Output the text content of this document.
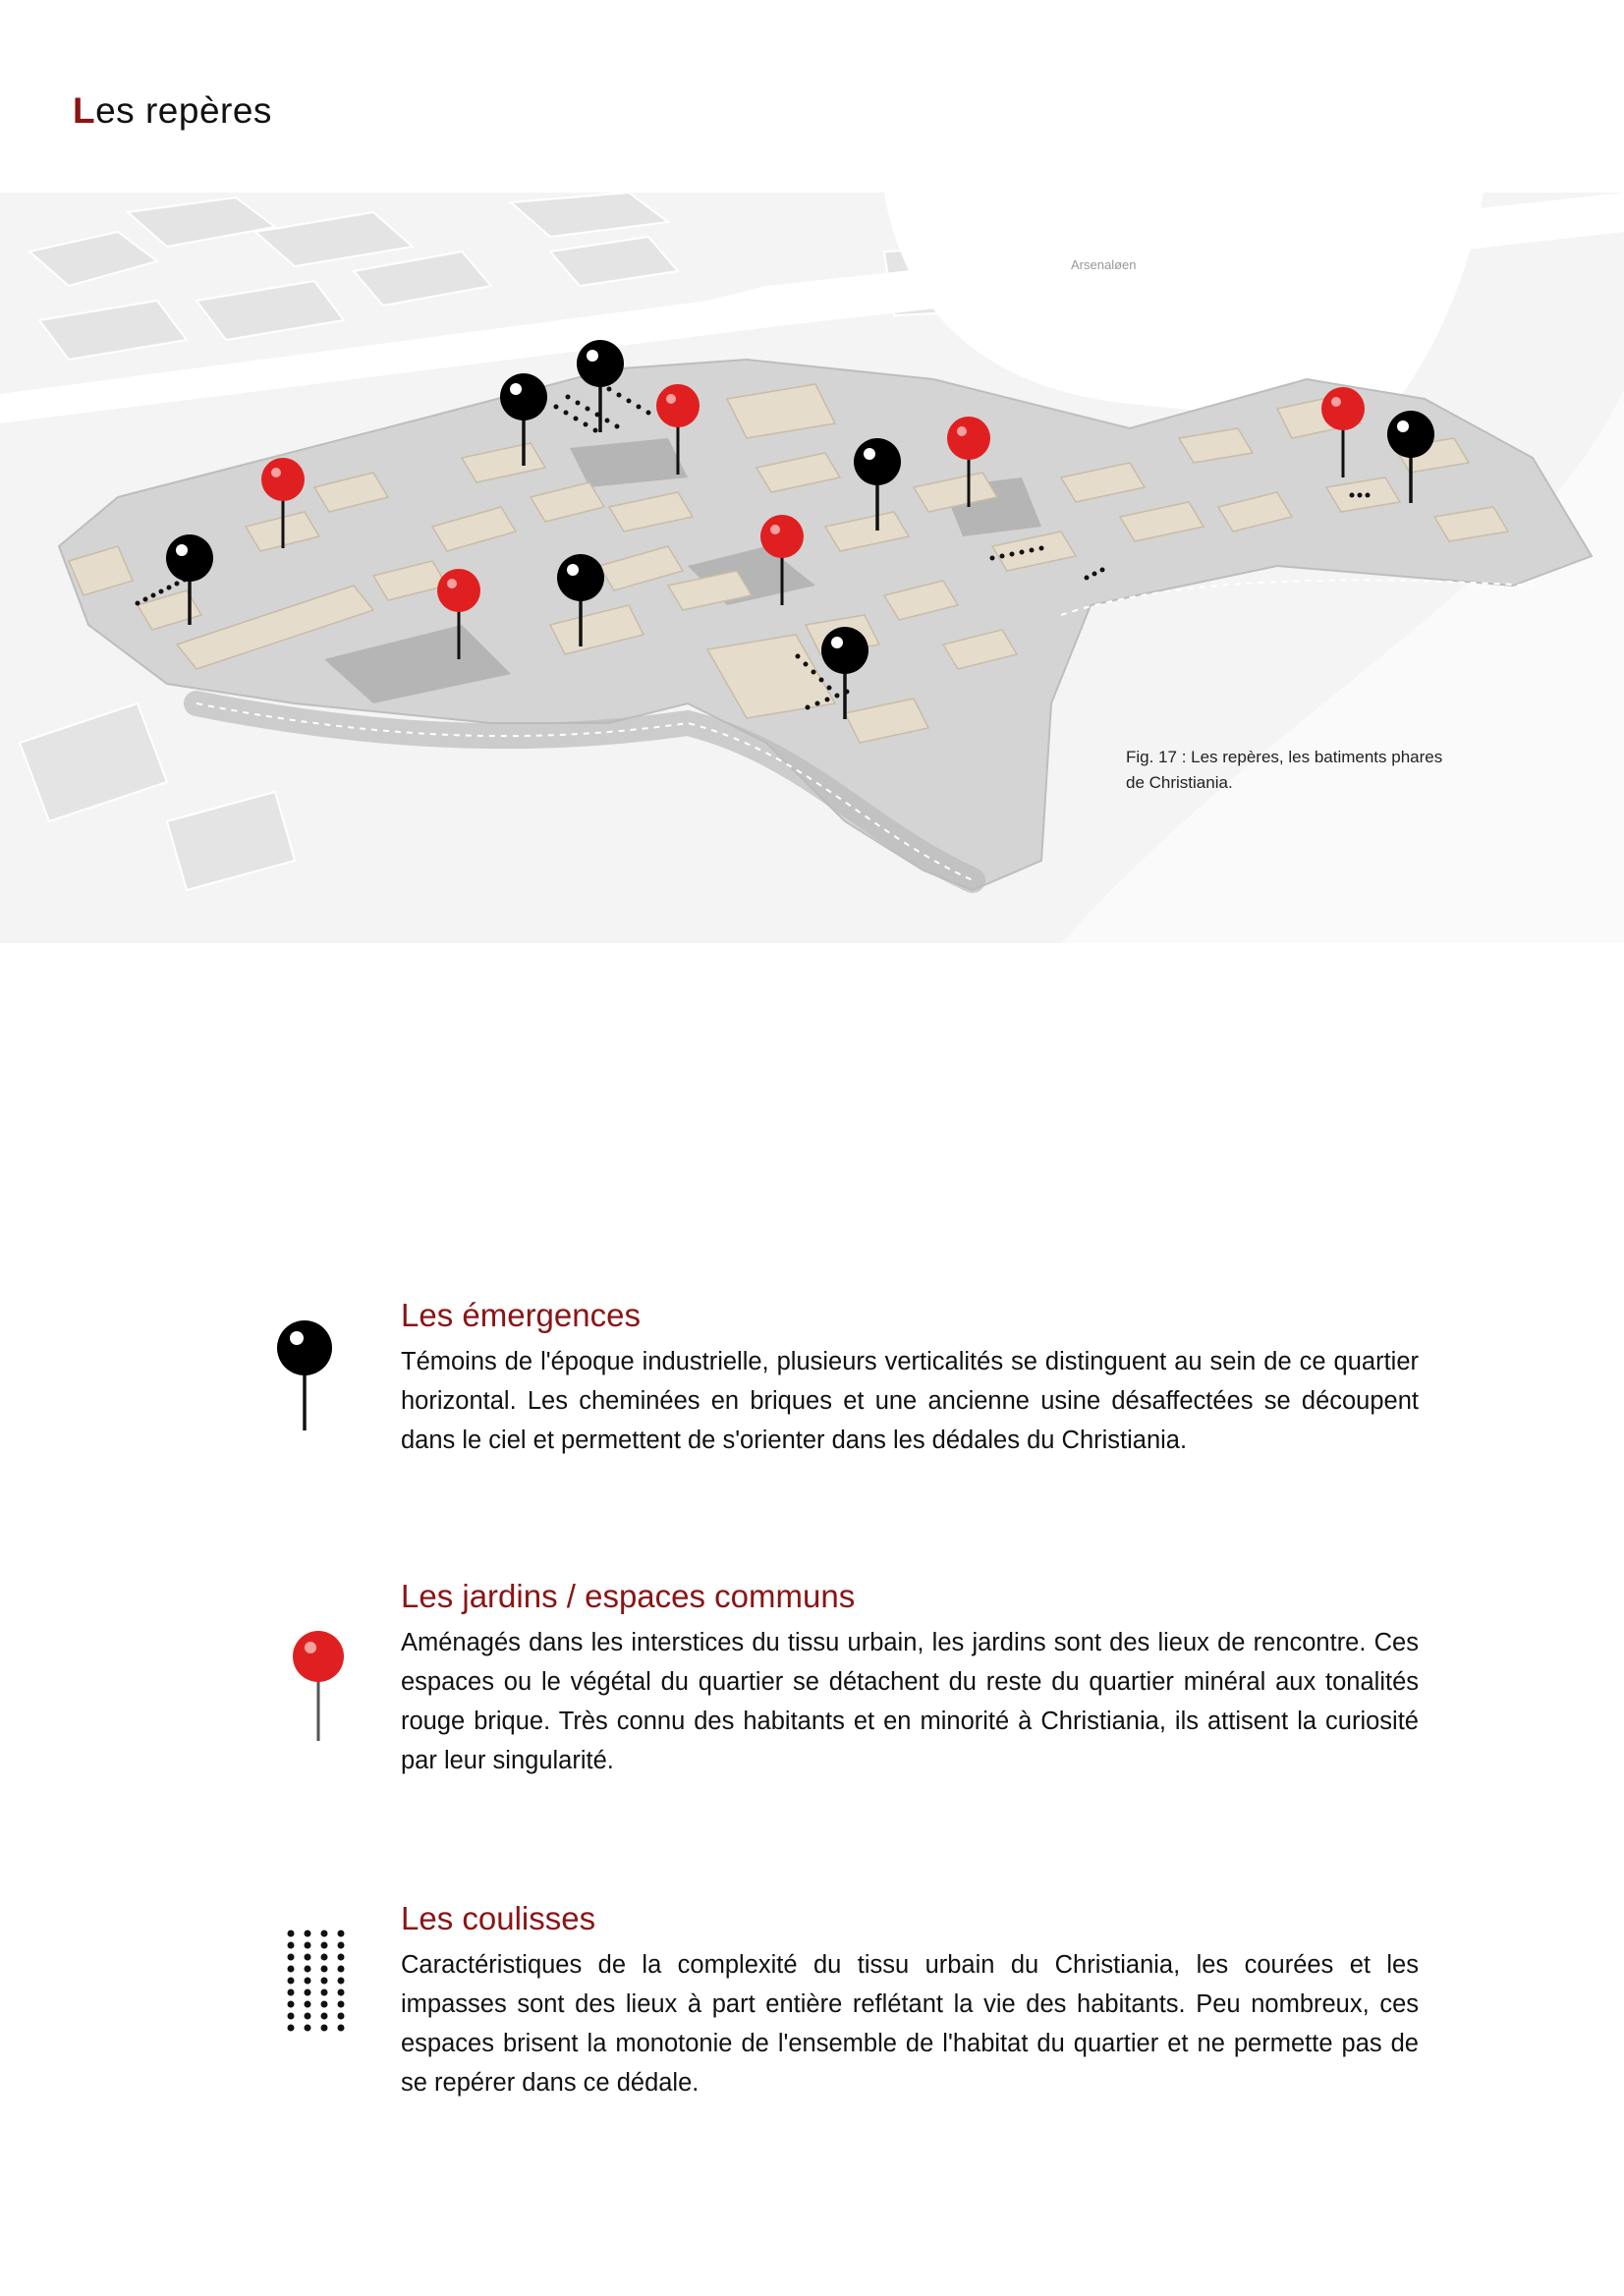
Les repères
Arsenaløen
Fig. 17 : Les repères, les batiments phares de Christiania.
Les émergences

Témoins de l'époque industrielle, plusieurs verticalités se distinguent au sein de ce quartier horizontal. Les cheminées en briques et une ancienne usine désaffectées se découpent dans le ciel et permettent de s'orienter dans les dédales du Christiania.

Les jardins / espaces communs

Aménagés dans les interstices du tissu urbain, les jardins sont des lieux de rencontre. Ces espaces ou le végétal du quartier se détachent du reste du quartier minéral aux tonalités rouge brique. Très connu des habitants et en minorité à Christiania, ils attisent la curiosité par leur singularité.

Les coulisses

Caractéristiques de la complexité du tissu urbain du Christiania, les courées et les impasses sont des lieux à part entière reflétant la vie des habitants. Peu nombreux, ces espaces brisent la monotonie de l'ensemble de l'habitat du quartier et ne permette pas de se repérer dans ce dédale.
